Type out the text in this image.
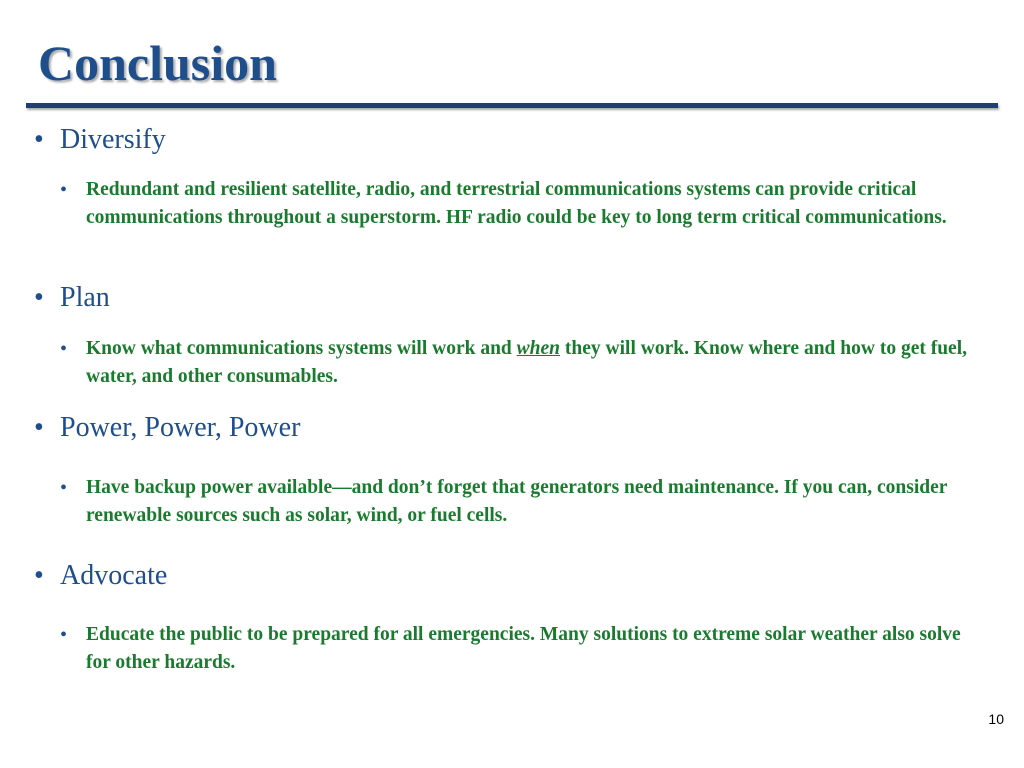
Conclusion
• Diversify
• Redundant and resilient satellite, radio, and terrestrial communications systems can provide critical communications throughout a superstorm. HF radio could be key to long term critical communications.
• Plan
• Know what communications systems will work and when they will work. Know where and how to get fuel, water, and other consumables.
• Power, Power, Power
• Have backup power available—and don’t forget that generators need maintenance. If you can, consider renewable sources such as solar, wind, or fuel cells.
• Advocate
• Educate the public to be prepared for all emergencies. Many solutions to extreme solar weather also solve for other hazards.
10
